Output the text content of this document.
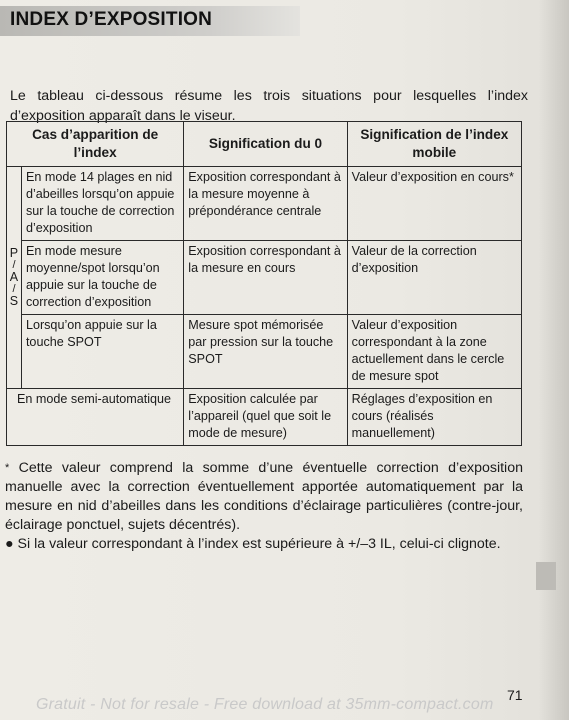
INDEX D’EXPOSITION

Le tableau ci-dessous résume les trois situations pour lesquelles l’index d’exposition apparaît dans le viseur.

Cas d’apparition de l’index		Signification du 0	Signification de l’index mobile

P
/
A
/
S	En mode 14 plages en nid d’abeilles lorsqu’on appuie sur la touche de correction d’exposition	Exposition correspondant à la mesure moyenne à prépondérance centrale	Valeur d’exposition en cours*
	En mode mesure moyenne/spot lorsqu’on appuie sur la touche de correction d’exposition	Exposition correspondant à la mesure en cours	Valeur de la correction d’exposition
	Lorsqu’on appuie sur la touche SPOT	Mesure spot mémorisée par pression sur la touche SPOT	Valeur d’exposition correspondant à la zone actuellement dans le cercle de mesure spot
En mode semi-automatique		Exposition calculée par l’appareil (quel que soit le mode de mesure)	Réglages d’exposition en cours (réalisés manuellement)

* Cette valeur comprend la somme d’une éventuelle correction d’exposition manuelle avec la correction éventuellement apportée automatiquement par la mesure en nid d’abeilles dans les conditions d’éclairage particulières (contre-jour, éclairage ponctuel, sujets décentrés).

● Si la valeur correspondant à l’index est supérieure à +/–3 IL, celui-ci clignote.

71
Gratuit - Not for resale - Free download at 35mm-compact.com
